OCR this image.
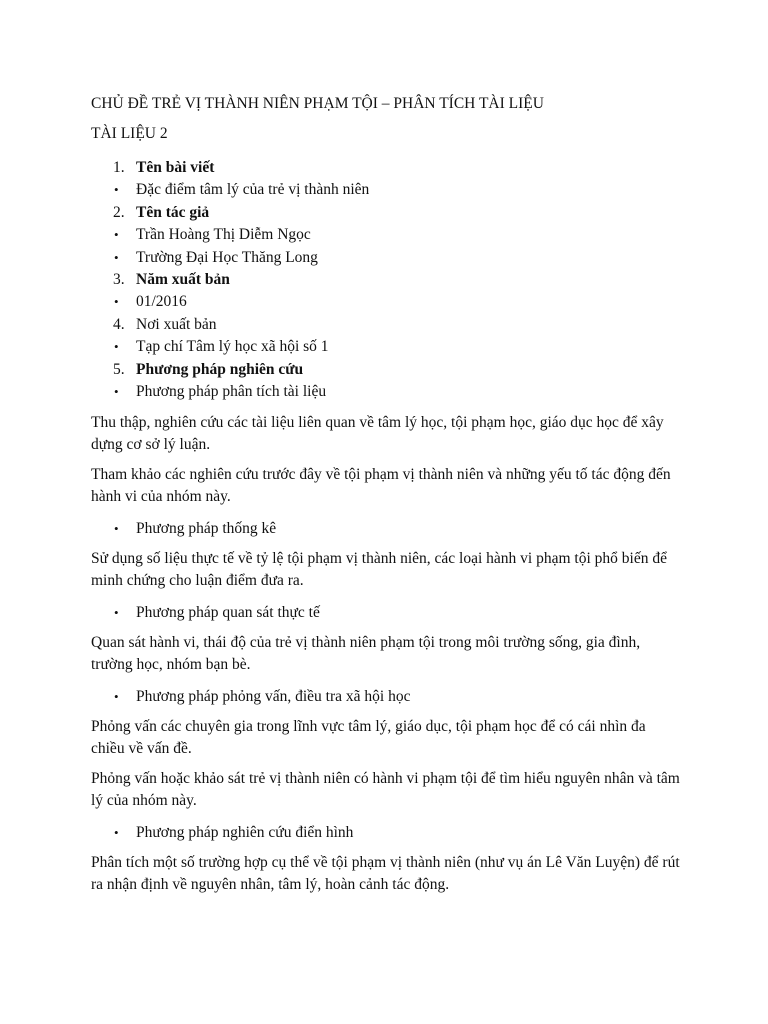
CHỦ ĐỀ TRẺ VỊ THÀNH NIÊN PHẠM TỘI – PHÂN TÍCH TÀI LIỆU

TÀI LIỆU 2

1. Tên bài viết
• Đặc điểm tâm lý của trẻ vị thành niên
2. Tên tác giả
• Trần Hoàng Thị Diễm Ngọc
• Trường Đại Học Thăng Long
3. Năm xuất bản
• 01/2016
4. Nơi xuất bản
• Tạp chí Tâm lý học xã hội số 1
5. Phương pháp nghiên cứu
• Phương pháp phân tích tài liệu

Thu thập, nghiên cứu các tài liệu liên quan về tâm lý học, tội phạm học, giáo dục học để xây dựng cơ sở lý luận.

Tham khảo các nghiên cứu trước đây về tội phạm vị thành niên và những yếu tố tác động đến hành vi của nhóm này.

• Phương pháp thống kê

Sử dụng số liệu thực tế về tỷ lệ tội phạm vị thành niên, các loại hành vi phạm tội phổ biến để minh chứng cho luận điểm đưa ra.

• Phương pháp quan sát thực tế

Quan sát hành vi, thái độ của trẻ vị thành niên phạm tội trong môi trường sống, gia đình, trường học, nhóm bạn bè.

• Phương pháp phỏng vấn, điều tra xã hội học

Phỏng vấn các chuyên gia trong lĩnh vực tâm lý, giáo dục, tội phạm học để có cái nhìn đa chiều về vấn đề.

Phỏng vấn hoặc khảo sát trẻ vị thành niên có hành vi phạm tội để tìm hiểu nguyên nhân và tâm lý của nhóm này.

• Phương pháp nghiên cứu điển hình

Phân tích một số trường hợp cụ thể về tội phạm vị thành niên (như vụ án Lê Văn Luyện) để rút ra nhận định về nguyên nhân, tâm lý, hoàn cảnh tác động.
